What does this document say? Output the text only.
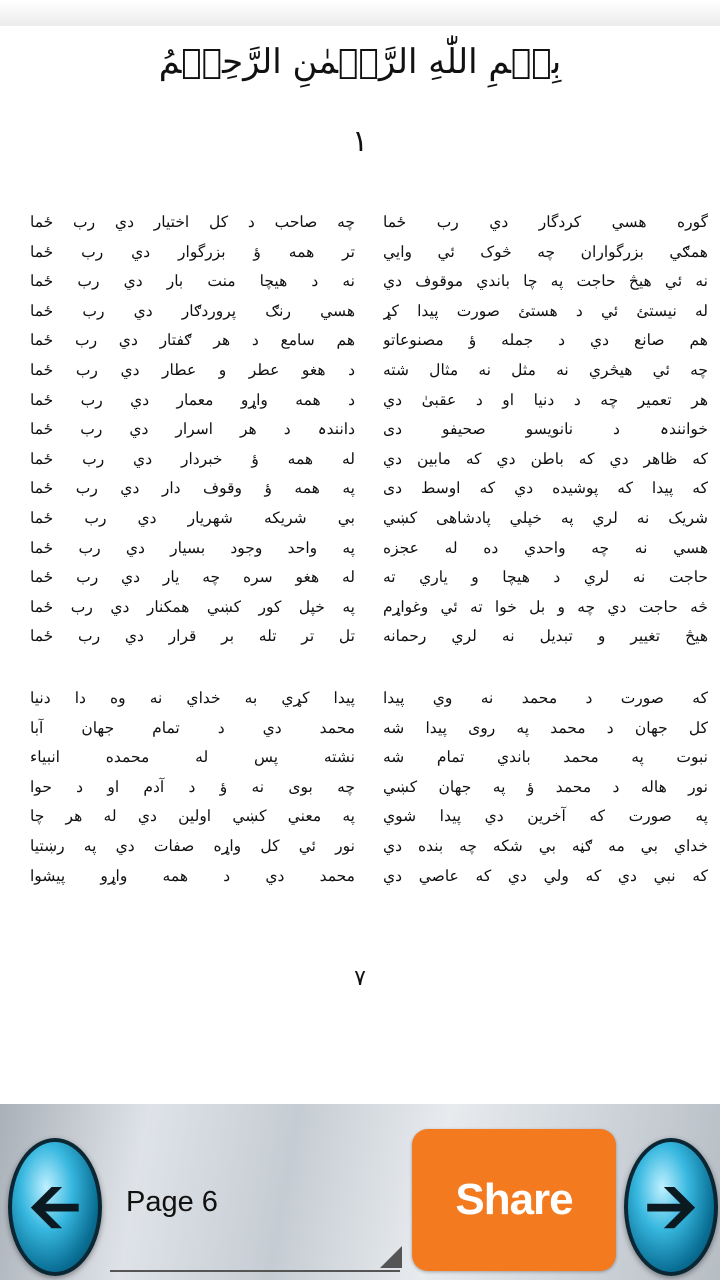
بِسۡمِ اللّٰهِ الرَّحۡمٰنِ الرَّحِیۡمُ
١
گوره هسي کردگار دي رب ځما
چه صاحب د کل اختيار دي رب ځما
همګي بزرگواران چه څوک ئي وايي
تر همه ؤ بزرگوار دي رب ځما
نه ئي هيڅ حاجت په چا باندي موقوف دي
نه د هيچا منت بار دي رب ځما
له نيستئ ئي د هستئ صورت پيدا کړ
هسي رنګ پروردګار دي رب ځما
هم صانع دي د جمله ؤ مصنوعاتو
هم سامع د هر ګفتار دي رب ځما
چه ئي هيڅري نه مثل نه مثال شته
د هغو عطر و عطار دي رب ځما
هر تعمير چه د دنيا او د عقبیٰ دي
د همه واړو معمار دي رب ځما
خوانندہ د نانويسو صحيفو دی
دانندہ د هر اسرار دي رب ځما
که ظاهر دي که باطن دي که مابين دي
له همه ؤ خبردار دي رب ځما
که پيدا که پوشيده دي که اوسط دی
په همه ؤ وقوف دار دي رب ځما
شريک نه لري په خپلي پادشاهی کښي
بي شريکه شهريار دي رب ځما
هسي نه چه واحدي ده له عجزه
په واحد وجود بسيار دي رب ځما
حاجت نه لري د هيچا و ياري ته
له هغو سره چه يار دي رب ځما
څه حاجت دي چه و بل خوا ته ئي وغواړم
په خپل کور کښي همکنار دي رب ځما
هيڅ تغيير و تبديل نه لري رحمانه
تل تر تله بر قرار دي رب ځما
که صورت د محمد نه وي پيدا
پيدا کړي به خداي نه وه دا دنيا
کل جهان د محمد په روی پيدا شه
محمد دي د تمام جهان آبا
نبوت په محمد باندي تمام شه
نشته پس له محمده انبياء
نور هاله د محمد ؤ په جهان کښي
چه بوی نه ؤ د آدم او د حوا
په صورت که آخرين دي پيدا شوي
په معني کښي اولين دي له هر چا
خداي بي مه ګڼه بي شکه چه بنده دي
نور ئي کل واړه صفات دي په رښتيا
که نبي دي که ولي دي که عاصي دي
محمد دي د همه واړو پيشوا
٧
🡨 Page 6	Share	🡪
